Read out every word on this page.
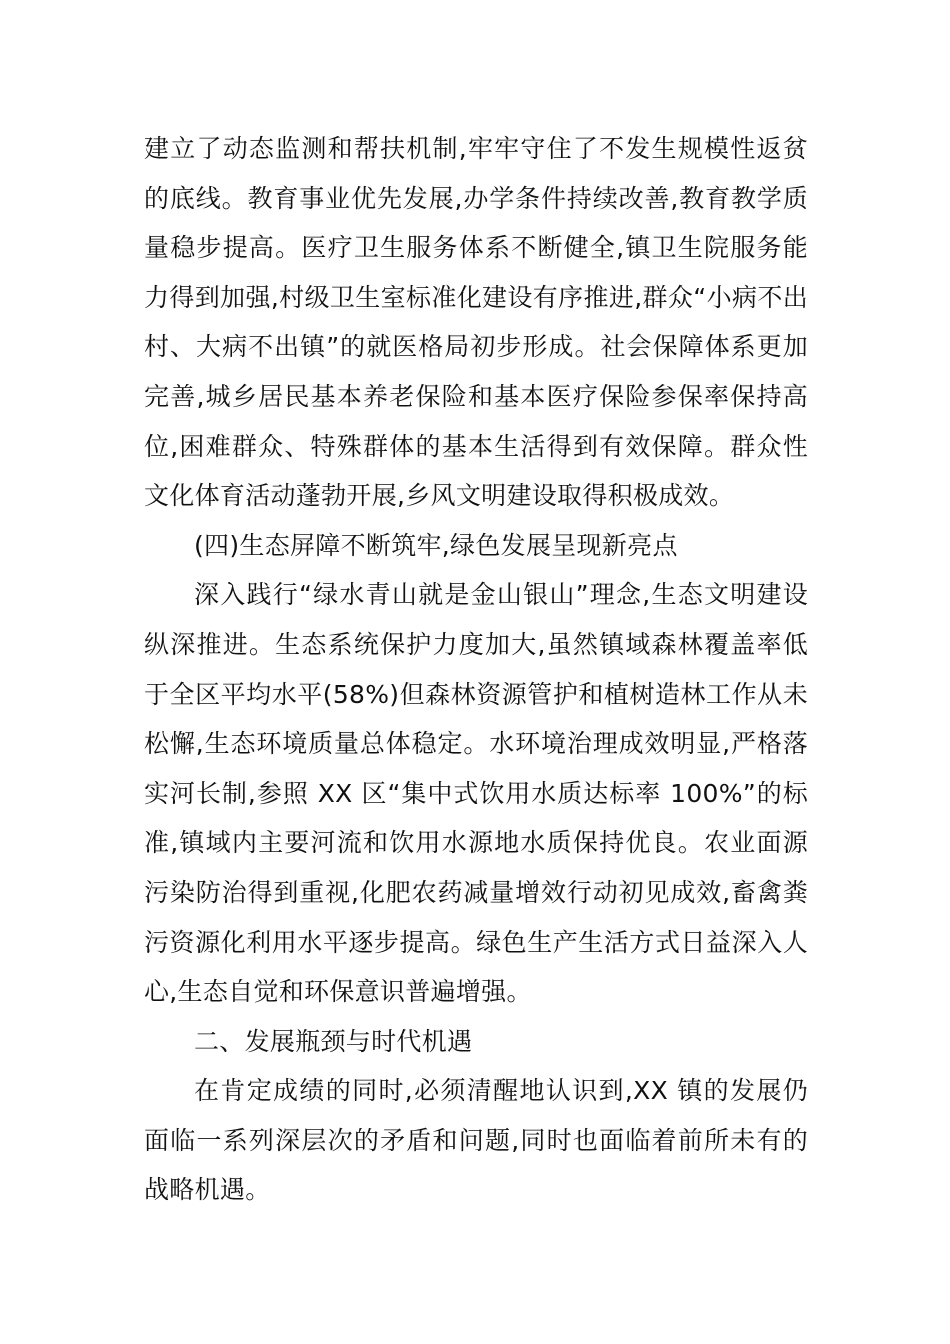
建立了动态监测和帮扶机制,牢牢守住了不发生规模性返贫的底线。教育事业优先发展,办学条件持续改善,教育教学质量稳步提高。医疗卫生服务体系不断健全,镇卫生院服务能力得到加强,村级卫生室标准化建设有序推进,群众“小病不出村、大病不出镇”的就医格局初步形成。社会保障体系更加完善,城乡居民基本养老保险和基本医疗保险参保率保持高位,困难群众、特殊群体的基本生活得到有效保障。群众性文化体育活动蓬勃开展,乡风文明建设取得积极成效。

(四)生态屏障不断筑牢,绿色发展呈现新亮点

深入践行“绿水青山就是金山银山”理念,生态文明建设纵深推进。生态系统保护力度加大,虽然镇域森林覆盖率低于全区平均水平(58%)但森林资源管护和植树造林工作从未松懈,生态环境质量总体稳定。水环境治理成效明显,严格落实河长制,参照 XX 区“集中式饮用水质达标率 100%”的标准,镇域内主要河流和饮用水源地水质保持优良。农业面源污染防治得到重视,化肥农药减量增效行动初见成效,畜禽粪污资源化利用水平逐步提高。绿色生产生活方式日益深入人心,生态自觉和环保意识普遍增强。

二、发展瓶颈与时代机遇

在肯定成绩的同时,必须清醒地认识到,XX 镇的发展仍面临一系列深层次的矛盾和问题,同时也面临着前所未有的战略机遇。
